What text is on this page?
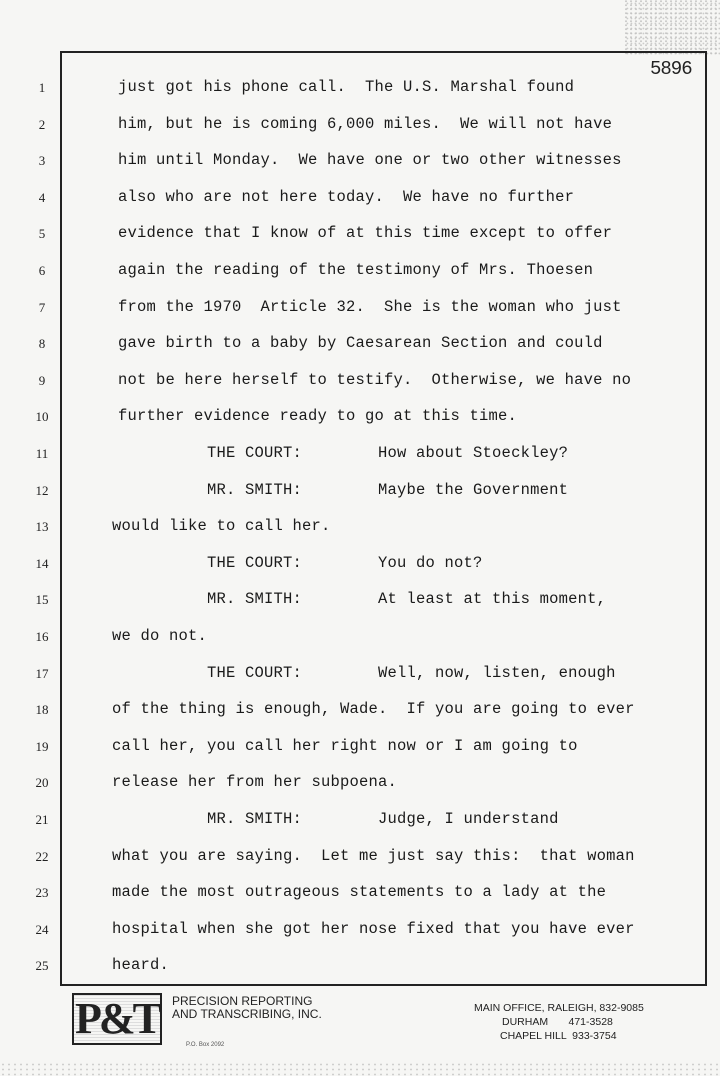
5896
1	just got his phone call.  The U.S. Marshal found
2	him, but he is coming 6,000 miles.  We will not have
3	him until Monday.  We have one or two other witnesses
4	also who are not here today.  We have no further
5	evidence that I know of at this time except to offer
6	again the reading of the testimony of Mrs. Thoesen
7	from the 1970  Article 32.  She is the woman who just
8	gave birth to a baby by Caesarean Section and could
9	not be here herself to testify.  Otherwise, we have no
10	further evidence ready to go at this time.
11	THE COURT:        How about Stoeckley?
12	MR. SMITH:        Maybe the Government
13	would like to call her.
14	THE COURT:        You do not?
15	MR. SMITH:        At least at this moment,
16	we do not.
17	THE COURT:        Well, now, listen, enough
18	of the thing is enough, Wade.  If you are going to ever
19	call her, you call her right now or I am going to
20	release her from her subpoena.
21	MR. SMITH:        Judge, I understand
22	what you are saying.  Let me just say this:  that woman
23	made the most outrageous statements to a lady at the
24	hospital when she got her nose fixed that you have ever
25	heard.
P&T PRECISION REPORTING
AND TRANSCRIBING, INC.
P.O. Box 2092
MAIN OFFICE, RALEIGH, 832-9085
DURHAM       471-3528
CHAPEL HILL  933-3754
